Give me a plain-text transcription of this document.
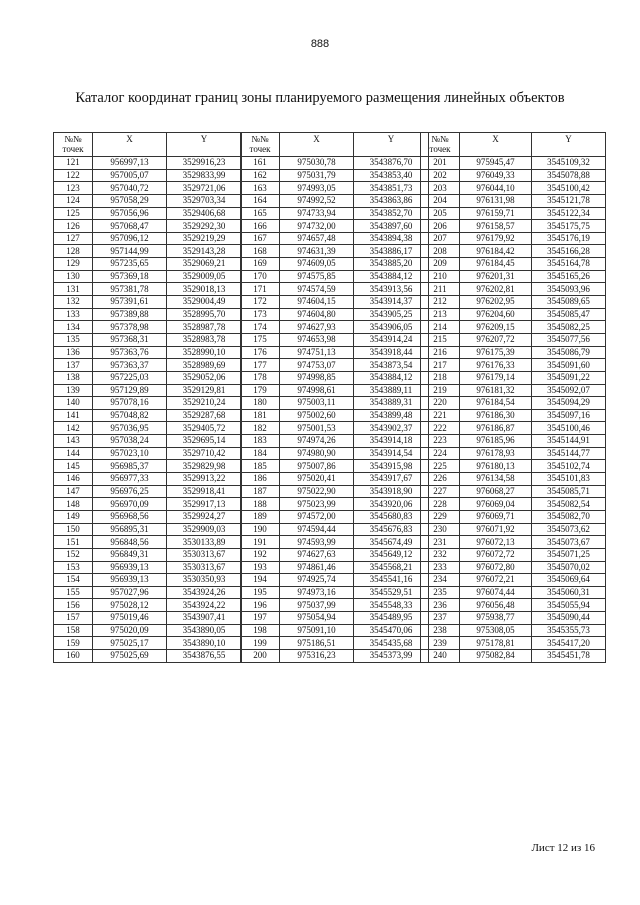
888
Каталог координат границ зоны планируемого размещения линейных объектов
№№
точек	X	Y
121	956997,13	3529916,23
122	957005,07	3529833,99
123	957040,72	3529721,06
124	957058,29	3529703,34
125	957056,96	3529406,68
126	957068,47	3529292,30
127	957096,12	3529219,29
128	957144,99	3529143,28
129	957235,65	3529069,21
130	957369,18	3529009,05
131	957381,78	3529018,13
132	957391,61	3529004,49
133	957389,88	3528995,70
134	957378,98	3528987,78
135	957368,31	3528983,78
136	957363,76	3528990,10
137	957363,37	3528989,69
138	957225,03	3529052,06
139	957129,89	3529129,81
140	957078,16	3529210,24
141	957048,82	3529287,68
142	957036,95	3529405,72
143	957038,24	3529695,14
144	957023,10	3529710,42
145	956985,37	3529829,98
146	956977,33	3529913,22
147	956976,25	3529918,41
148	956970,09	3529917,13
149	956968,56	3529924,27
150	956895,31	3529909,03
151	956848,56	3530133,89
152	956849,31	3530313,67
153	956939,13	3530313,67
154	956939,13	3530350,93
155	957027,96	3543924,26
156	975028,12	3543924,22
157	975019,46	3543907,41
158	975020,09	3543890,05
159	975025,17	3543890,10
160	975025,69	3543876,55
№№
точек	X	Y
161	975030,78	3543876,70
162	975031,79	3543853,40
163	974993,05	3543851,73
164	974992,52	3543863,86
165	974733,94	3543852,70
166	974732,00	3543897,60
167	974657,48	3543894,38
168	974631,39	3543886,17
169	974609,05	3543885,20
170	974575,85	3543884,12
171	974574,59	3543913,56
172	974604,15	3543914,37
173	974604,80	3543905,25
174	974627,93	3543906,05
175	974653,98	3543914,24
176	974751,13	3543918,44
177	974753,07	3543873,54
178	974998,85	3543884,12
179	974998,61	3543889,11
180	975003,11	3543889,31
181	975002,60	3543899,48
182	975001,53	3543902,37
183	974974,26	3543914,18
184	974980,90	3543914,54
185	975007,86	3543915,98
186	975020,41	3543917,67
187	975022,90	3543918,90
188	975023,99	3543920,06
189	974572,00	3545680,83
190	974594,44	3545676,83
191	974593,99	3545674,49
192	974627,63	3545649,12
193	974861,46	3545568,21
194	974925,74	3545541,16
195	974973,16	3545529,51
196	975037,99	3545548,33
197	975054,94	3545489,95
198	975091,10	3545470,06
199	975186,51	3545435,68
200	975316,23	3545373,99
№№
точек	X	Y
201	975945,47	3545109,32
202	976049,33	3545078,88
203	976044,10	3545100,42
204	976131,98	3545121,78
205	976159,71	3545122,34
206	976158,57	3545175,75
207	976179,92	3545176,19
208	976184,42	3545166,28
209	976184,45	3545164,78
210	976201,31	3545165,26
211	976202,81	3545093,96
212	976202,95	3545089,65
213	976204,60	3545085,47
214	976209,15	3545082,25
215	976207,72	3545077,56
216	976175,39	3545086,79
217	976176,33	3545091,60
218	976179,14	3545091,22
219	976181,32	3545092,07
220	976184,54	3545094,29
221	976186,30	3545097,16
222	976186,87	3545100,46
223	976185,96	3545144,91
224	976178,93	3545144,77
225	976180,13	3545102,74
226	976134,58	3545101,83
227	976068,27	3545085,71
228	976069,04	3545082,54
229	976069,71	3545082,70
230	976071,92	3545073,62
231	976072,13	3545073,67
232	976072,72	3545071,25
233	976072,80	3545070,02
234	976072,21	3545069,64
235	976074,44	3545060,31
236	976056,48	3545055,94
237	975938,77	3545090,44
238	975308,05	3545355,73
239	975178,81	3545417,20
240	975082,84	3545451,78
Лист 12 из 16
